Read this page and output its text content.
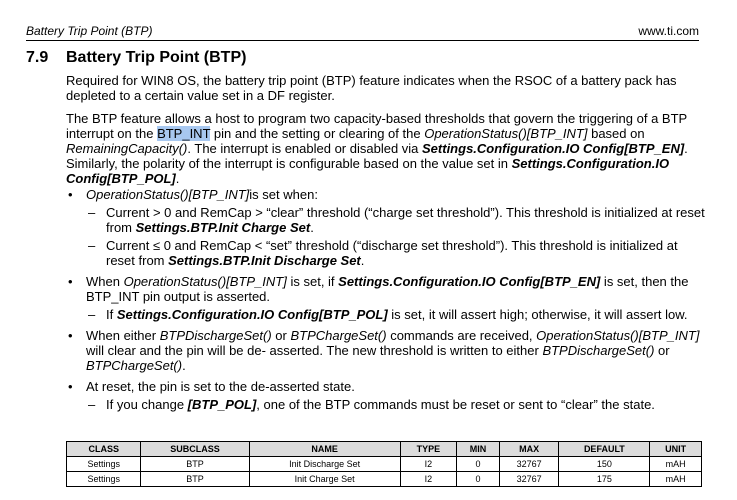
Battery Trip Point (BTP)	www.ti.com
7.9 Battery Trip Point (BTP)
Required for WIN8 OS, the battery trip point (BTP) feature indicates when the RSOC of a battery pack has depleted to a certain value set in a DF register.
The BTP feature allows a host to program two capacity-based thresholds that govern the triggering of a BTP interrupt on the BTP_INT pin and the setting or clearing of the OperationStatus()[BTP_INT] based on RemainingCapacity(). The interrupt is enabled or disabled via Settings.Configuration.IO Config[BTP_EN]. Similarly, the polarity of the interrupt is configurable based on the value set in Settings.Configuration.IO Config[BTP_POL].
• OperationStatus()[BTP_INT]is set when:
– Current > 0 and RemCap > “clear” threshold (“charge set threshold”). This threshold is initialized at reset from Settings.BTP.Init Charge Set.
– Current ≤ 0 and RemCap < “set” threshold (“discharge set threshold”). This threshold is initialized at reset from Settings.BTP.Init Discharge Set.
• When OperationStatus()[BTP_INT] is set, if Settings.Configuration.IO Config[BTP_EN] is set, then the BTP_INT pin output is asserted.
– If Settings.Configuration.IO Config[BTP_POL] is set, it will assert high; otherwise, it will assert low.
• When either BTPDischargeSet() or BTPChargeSet() commands are received, OperationStatus()[BTP_INT] will clear and the pin will be de- asserted. The new threshold is written to either BTPDischargeSet() or BTPChargeSet().
• At reset, the pin is set to the de-asserted state.
– If you change [BTP_POL], one of the BTP commands must be reset or sent to “clear” the state.
CLASS	SUBCLASS	NAME	TYPE	MIN	MAX	DEFAULT	UNIT
Settings	BTP	Init Discharge Set	I2	0	32767	150	mAH
Settings	BTP	Init Charge Set	I2	0	32767	175	mAH
